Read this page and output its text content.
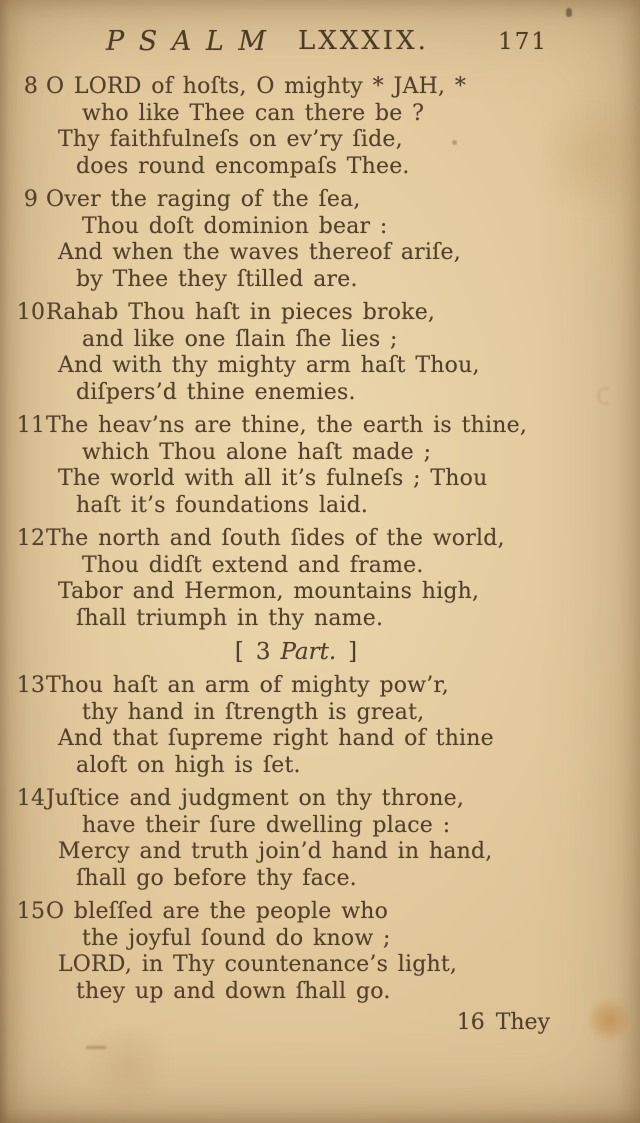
P S A L M LXXXIX.	171
8 O LORD of hoſts, O mighty * JAH, *
who like Thee can there be ?
Thy faithfulneſs on ev’ry ſide,
does round encompaſs Thee.
9 Over the raging of the ſea,
Thou doſt dominion bear :
And when the waves thereof ariſe,
by Thee they ſtilled are.
10Rahab Thou haſt in pieces broke,
and like one ſlain ſhe lies ;
And with thy mighty arm haſt Thou,
diſpers’d thine enemies.
11The heav’ns are thine, the earth is thine,
which Thou alone haſt made ;
The world with all it’s fulneſs ; Thou
haſt it’s foundations laid.
12The north and ſouth ſides of the world,
Thou didſt extend and frame.
Tabor and Hermon, mountains high,
ſhall triumph in thy name.
[ 3 Part. ]
13Thou haſt an arm of mighty pow’r,
thy hand in ſtrength is great,
And that ſupreme right hand of thine
aloft on high is ſet.
14Juſtice and judgment on thy throne,
have their ſure dwelling place :
Mercy and truth join’d hand in hand,
ſhall go before thy face.
15O bleſſed are the people who
the joyful ſound do know ;
LORD, in Thy countenance’s light,
they up and down ſhall go.
16 They
